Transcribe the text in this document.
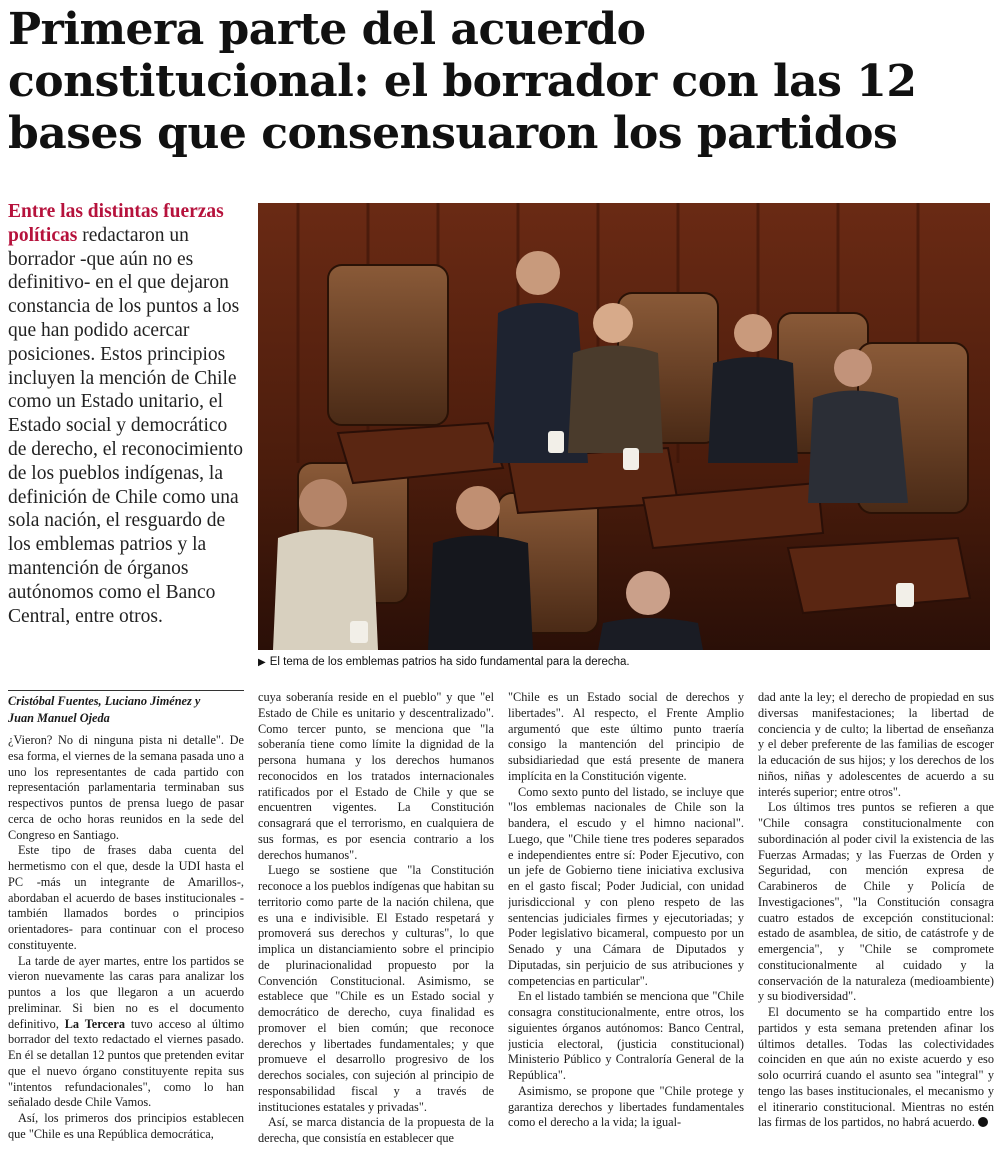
Primera parte del acuerdo
constitucional: el borrador con las 12
bases que consensuaron los partidos
Entre las distintas fuerzas políticas redactaron un borrador -que aún no es definitivo- en el que dejaron constancia de los puntos a los que han podido acercar posiciones. Estos principios incluyen la mención de Chile como un Estado unitario, el Estado social y democrático de derecho, el reconocimiento de los pueblos indígenas, la definición de Chile como una sola nación, el resguardo de los emblemas patrios y la mantención de órganos autónomos como el Banco Central, entre otros.
▶ El tema de los emblemas patrios ha sido fundamental para la derecha.
Cristóbal Fuentes, Luciano Jiménez y
Juan Manuel Ojeda

¿Vieron? No di ninguna pista ni detalle". De esa forma, el viernes de la semana pasada uno a uno los representantes de cada partido con representación parlamentaria terminaban sus respectivos puntos de prensa luego de pasar cerca de ocho horas reunidos en la sede del Congreso en Santiago.

Este tipo de frases daba cuenta del hermetismo con el que, desde la UDI hasta el PC -más un integrante de Amarillos-, abordaban el acuerdo de bases institucionales -también llamados bordes o principios orientadores- para continuar con el proceso constituyente.

La tarde de ayer martes, entre los partidos se vieron nuevamente las caras para analizar los puntos a los que llegaron a un acuerdo preliminar. Si bien no es el documento definitivo, La Tercera tuvo acceso al último borrador del texto redactado el viernes pasado. En él se detallan 12 puntos que pretenden evitar que el nuevo órgano constituyente repita sus "intentos refundacionales", como lo han señalado desde Chile Vamos.

Así, los primeros dos principios establecen que "Chile es una República democrática,

cuya soberanía reside en el pueblo" y que "el Estado de Chile es unitario y descentralizado". Como tercer punto, se menciona que "la soberanía tiene como límite la dignidad de la persona humana y los derechos humanos reconocidos en los tratados internacionales ratificados por el Estado de Chile y que se encuentren vigentes. La Constitución consagrará que el terrorismo, en cualquiera de sus formas, es por esencia contrario a los derechos humanos".

Luego se sostiene que "la Constitución reconoce a los pueblos indígenas que habitan su territorio como parte de la nación chilena, que es una e indivisible. El Estado respetará y promoverá sus derechos y culturas", lo que implica un distanciamiento sobre el principio de plurinacionalidad propuesto por la Convención Constitucional. Asimismo, se establece que "Chile es un Estado social y democrático de derecho, cuya finalidad es promover el bien común; que reconoce derechos y libertades fundamentales; y que promueve el desarrollo progresivo de los derechos sociales, con sujeción al principio de responsabilidad fiscal y a través de instituciones estatales y privadas".

Así, se marca distancia de la propuesta de la derecha, que consistía en establecer que

"Chile es un Estado social de derechos y libertades". Al respecto, el Frente Amplio argumentó que este último punto traería consigo la mantención del principio de subsidiariedad que está presente de manera implícita en la Constitución vigente.

Como sexto punto del listado, se incluye que "los emblemas nacionales de Chile son la bandera, el escudo y el himno nacional". Luego, que "Chile tiene tres poderes separados e independientes entre sí: Poder Ejecutivo, con un jefe de Gobierno tiene iniciativa exclusiva en el gasto fiscal; Poder Judicial, con unidad jurisdiccional y con pleno respeto de las sentencias judiciales firmes y ejecutoriadas; y Poder legislativo bicameral, compuesto por un Senado y una Cámara de Diputados y Diputadas, sin perjuicio de sus atribuciones y competencias en particular".

En el listado también se menciona que "Chile consagra constitucionalmente, entre otros, los siguientes órganos autónomos: Banco Central, justicia electoral, (justicia constitucional) Ministerio Público y Contraloría General de la República".

Asimismo, se propone que "Chile protege y garantiza derechos y libertades fundamentales como el derecho a la vida; la igual-

dad ante la ley; el derecho de propiedad en sus diversas manifestaciones; la libertad de conciencia y de culto; la libertad de enseñanza y el deber preferente de las familias de escoger la educación de sus hijos; y los derechos de los niños, niñas y adolescentes de acuerdo a su interés superior; entre otros".

Los últimos tres puntos se refieren a que "Chile consagra constitucionalmente con subordinación al poder civil la existencia de las Fuerzas Armadas; y las Fuerzas de Orden y Seguridad, con mención expresa de Carabineros de Chile y Policía de Investigaciones", "la Constitución consagra cuatro estados de excepción constitucional: estado de asamblea, de sitio, de catástrofe y de emergencia", y "Chile se compromete constitucionalmente al cuidado y la conservación de la naturaleza (medioambiente) y su biodiversidad".

El documento se ha compartido entre los partidos y esta semana pretenden afinar los últimos detalles. Todas las colectividades coinciden en que aún no existe acuerdo y eso solo ocurrirá cuando el asunto sea "integral" y tengo las bases institucionales, el mecanismo y el itinerario constitucional. Mientras no estén las firmas de los partidos, no habrá acuerdo.
